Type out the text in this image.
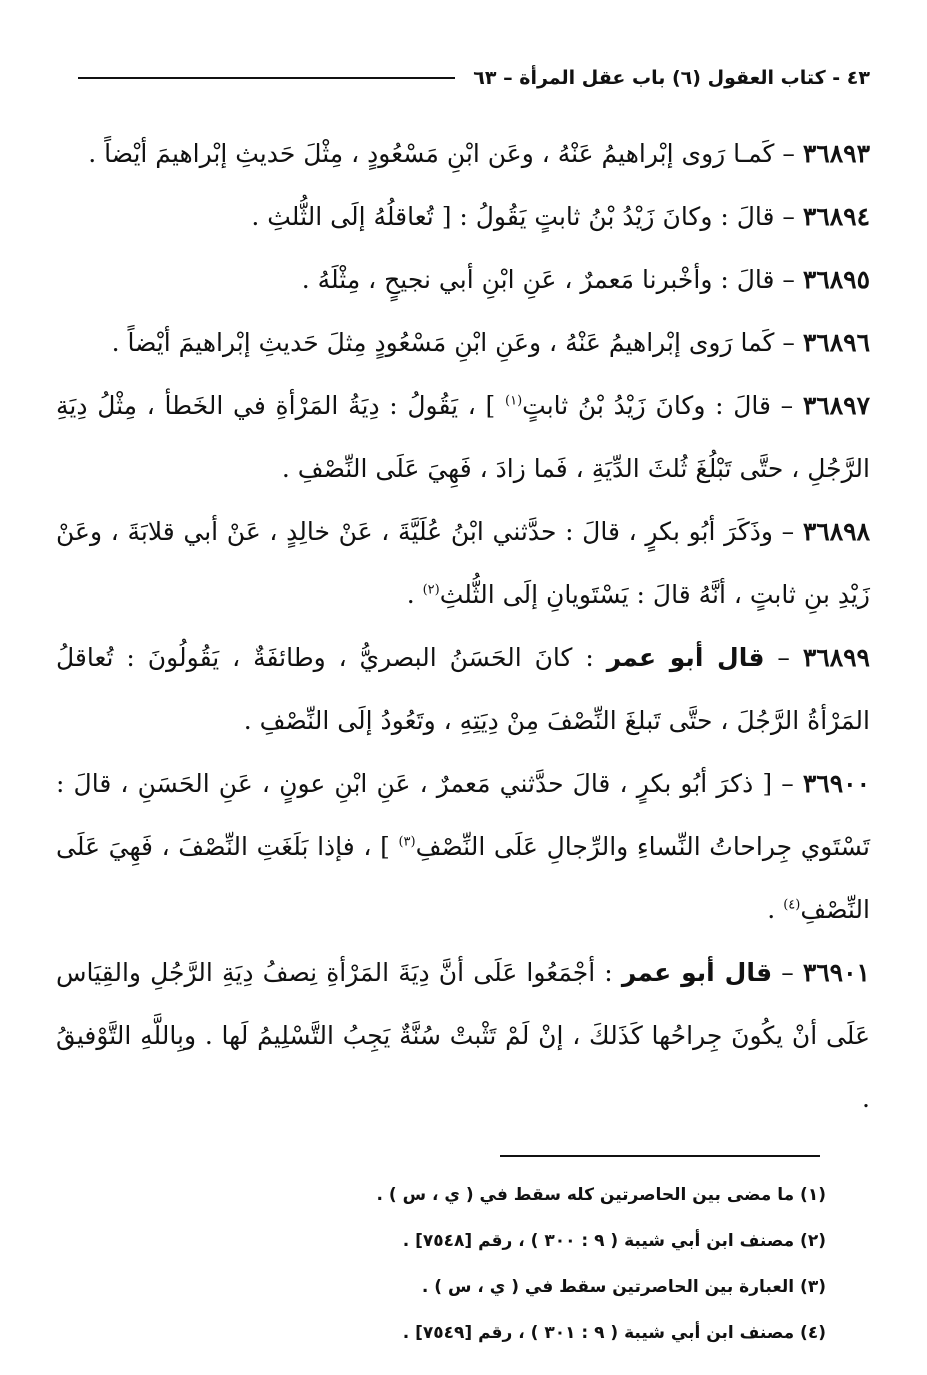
٤٣ - كتاب العقول (٦) باب عقل المرأة – ٦٣

٣٦٨٩٣ – كَمـا رَوى إبْراهيمُ عَنْهُ ، وعَن ابْنِ مَسْعُودٍ ، مِثْلَ حَديثِ إبْراهيمَ أيْضاً .

٣٦٨٩٤ – قالَ : وكانَ زَيْدُ بْنُ ثابتٍ يَقُولُ : [ تُعاقلُهُ إلَى الثُّلثِ .

٣٦٨٩٥ – قالَ : وأخْبرنا مَعمرٌ ، عَنِ ابْنِ أبي نجيحٍ ، مِثْلَهُ .

٣٦٨٩٦ – كَما رَوى إبْراهيمُ عَنْهُ ، وعَنِ ابْنِ مَسْعُودٍ مِثلَ حَديثِ إبْراهيمَ أيْضاً .

٣٦٨٩٧ – قالَ : وكانَ زَيْدُ بْنُ ثابتٍ$^{(١)}$ ] ، يَقُولُ : دِيَةُ المَرْأةِ في الخَطأ ، مِثْلُ دِيَةِ الرَّجُلِ ، حتَّى تَبْلُغَ ثُلثَ الدِّيَةِ ، فَما زادَ ، فَهِيَ عَلَى النِّصْفِ .

٣٦٨٩٨ – وذَكَرَ أبُو بكرٍ ، قالَ : حدَّثني ابْنُ عُلَيَّةَ ، عَنْ خالِدٍ ، عَنْ أبي قلابَةَ ، وعَنْ زَيْدِ بنِ ثابتٍ ، أنَّهُ قالَ : يَسْتَويانِ إلَى الثُّلثِ$^{(٢)}$ .

٣٦٨٩٩ – قال أبو عمر : كانَ الحَسَنُ البصريُّ ، وطائفَةٌ ، يَقُولُونَ : تُعاقلُ المَرْأةُ الرَّجُلَ ، حتَّى تَبلغَ النِّصْفَ مِنْ دِيَتِهِ ، وتَعُودُ إلَى النِّصْفِ .

٣٦٩٠٠ – [ ذكرَ أبُو بكرٍ ، قالَ حدَّثني مَعمرٌ ، عَنِ ابْنِ عونٍ ، عَنِ الحَسَنِ ، قالَ : تَسْتَوي جِراحاتُ النِّساءِ والرِّجالِ عَلَى النِّصْفِ$^{(٣)}$ ] ، فإذا بَلَغَتِ النِّصْفَ ، فَهِيَ عَلَى النِّصْفِ$^{(٤)}$ .

٣٦٩٠١ – قال أبو عمر : أجْمَعُوا عَلَى أنَّ دِيَةَ المَرْأةِ نِصفُ دِيَةِ الرَّجُلِ والقِيَاس عَلَى أنْ يكُونَ جِراحُها كَذَلكَ ، إنْ لَمْ تَثْبتْ سُنَّةٌ يَجِبُ التَّسْلِيمُ لَها . وبِاللَّهِ التَّوْفيقُ .

(١) ما مضى بين الحاصرتين كله سقط في ( ي ، س ) .

(٢) مصنف ابن أبي شيبة ( ٩ : ٣٠٠ ) ، رقم [٧٥٤٨] .

(٣) العبارة بين الحاصرتين سقط في ( ي ، س ) .

(٤) مصنف ابن أبي شيبة ( ٩ : ٣٠١ ) ، رقم [٧٥٤٩] .
